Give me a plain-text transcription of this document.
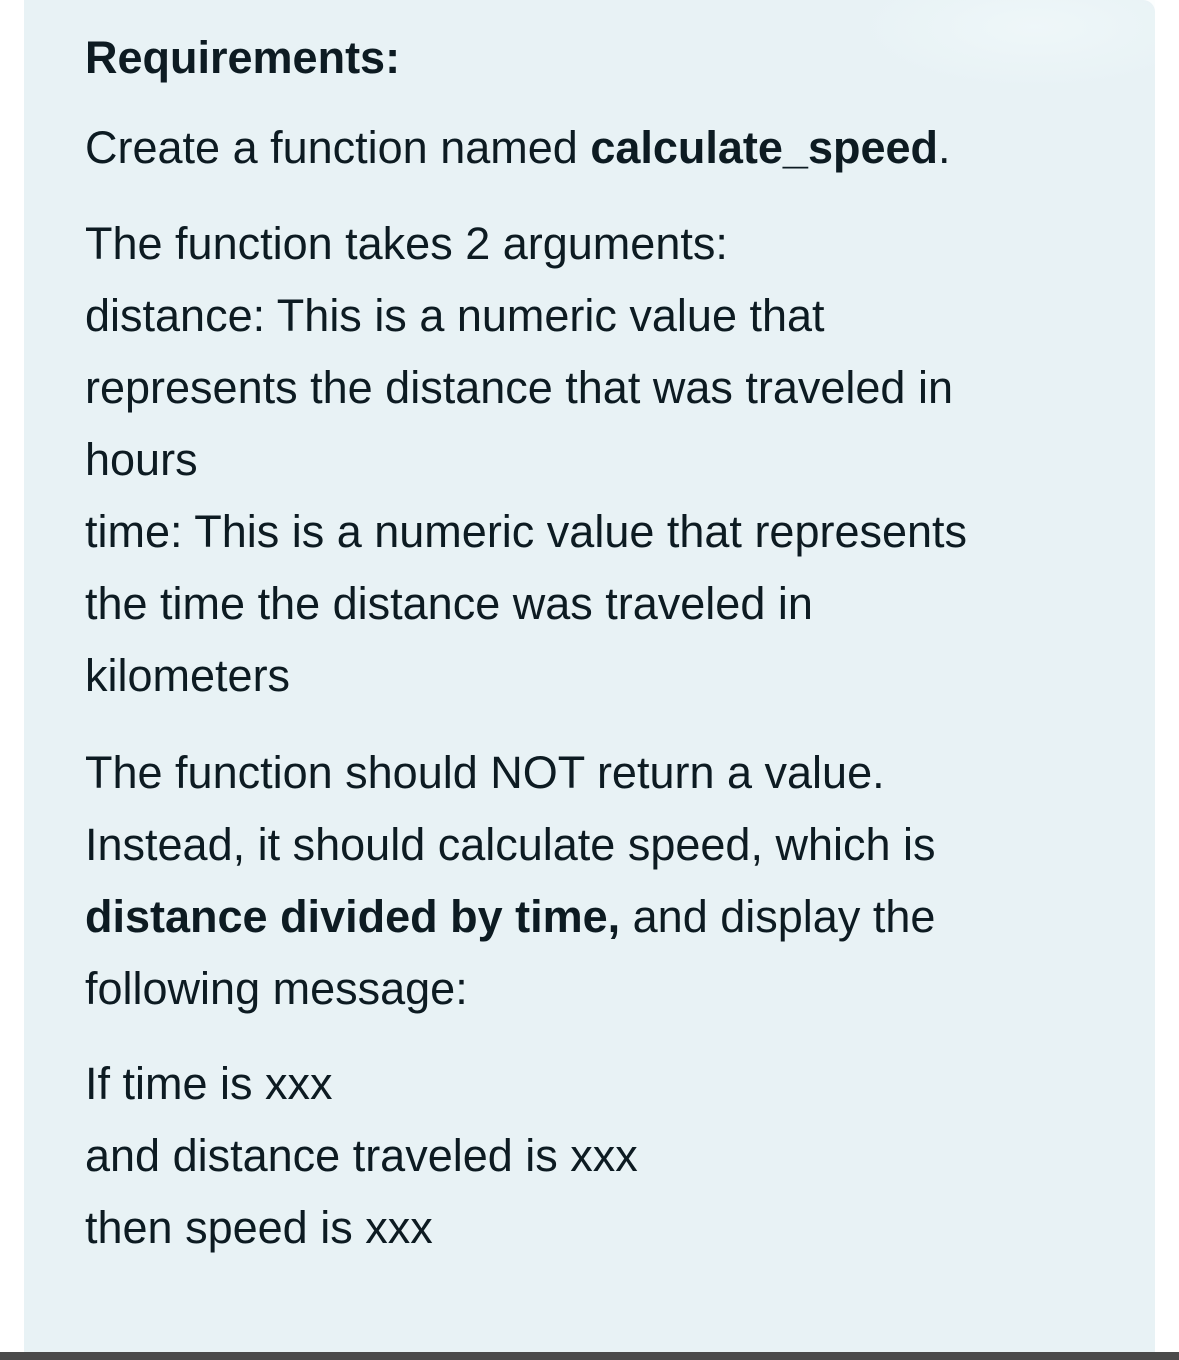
Requirements:

Create a function named calculate_speed.

The function takes 2 arguments:

distance: This is a numeric value that

represents the distance that was traveled in

hours

time: This is a numeric value that represents

the time the distance was traveled in

kilometers

The function should NOT return a value.

Instead, it should calculate speed, which is

distance divided by time, and display the

following message:

If time is xxx

and distance traveled is xxx

then speed is xxx
